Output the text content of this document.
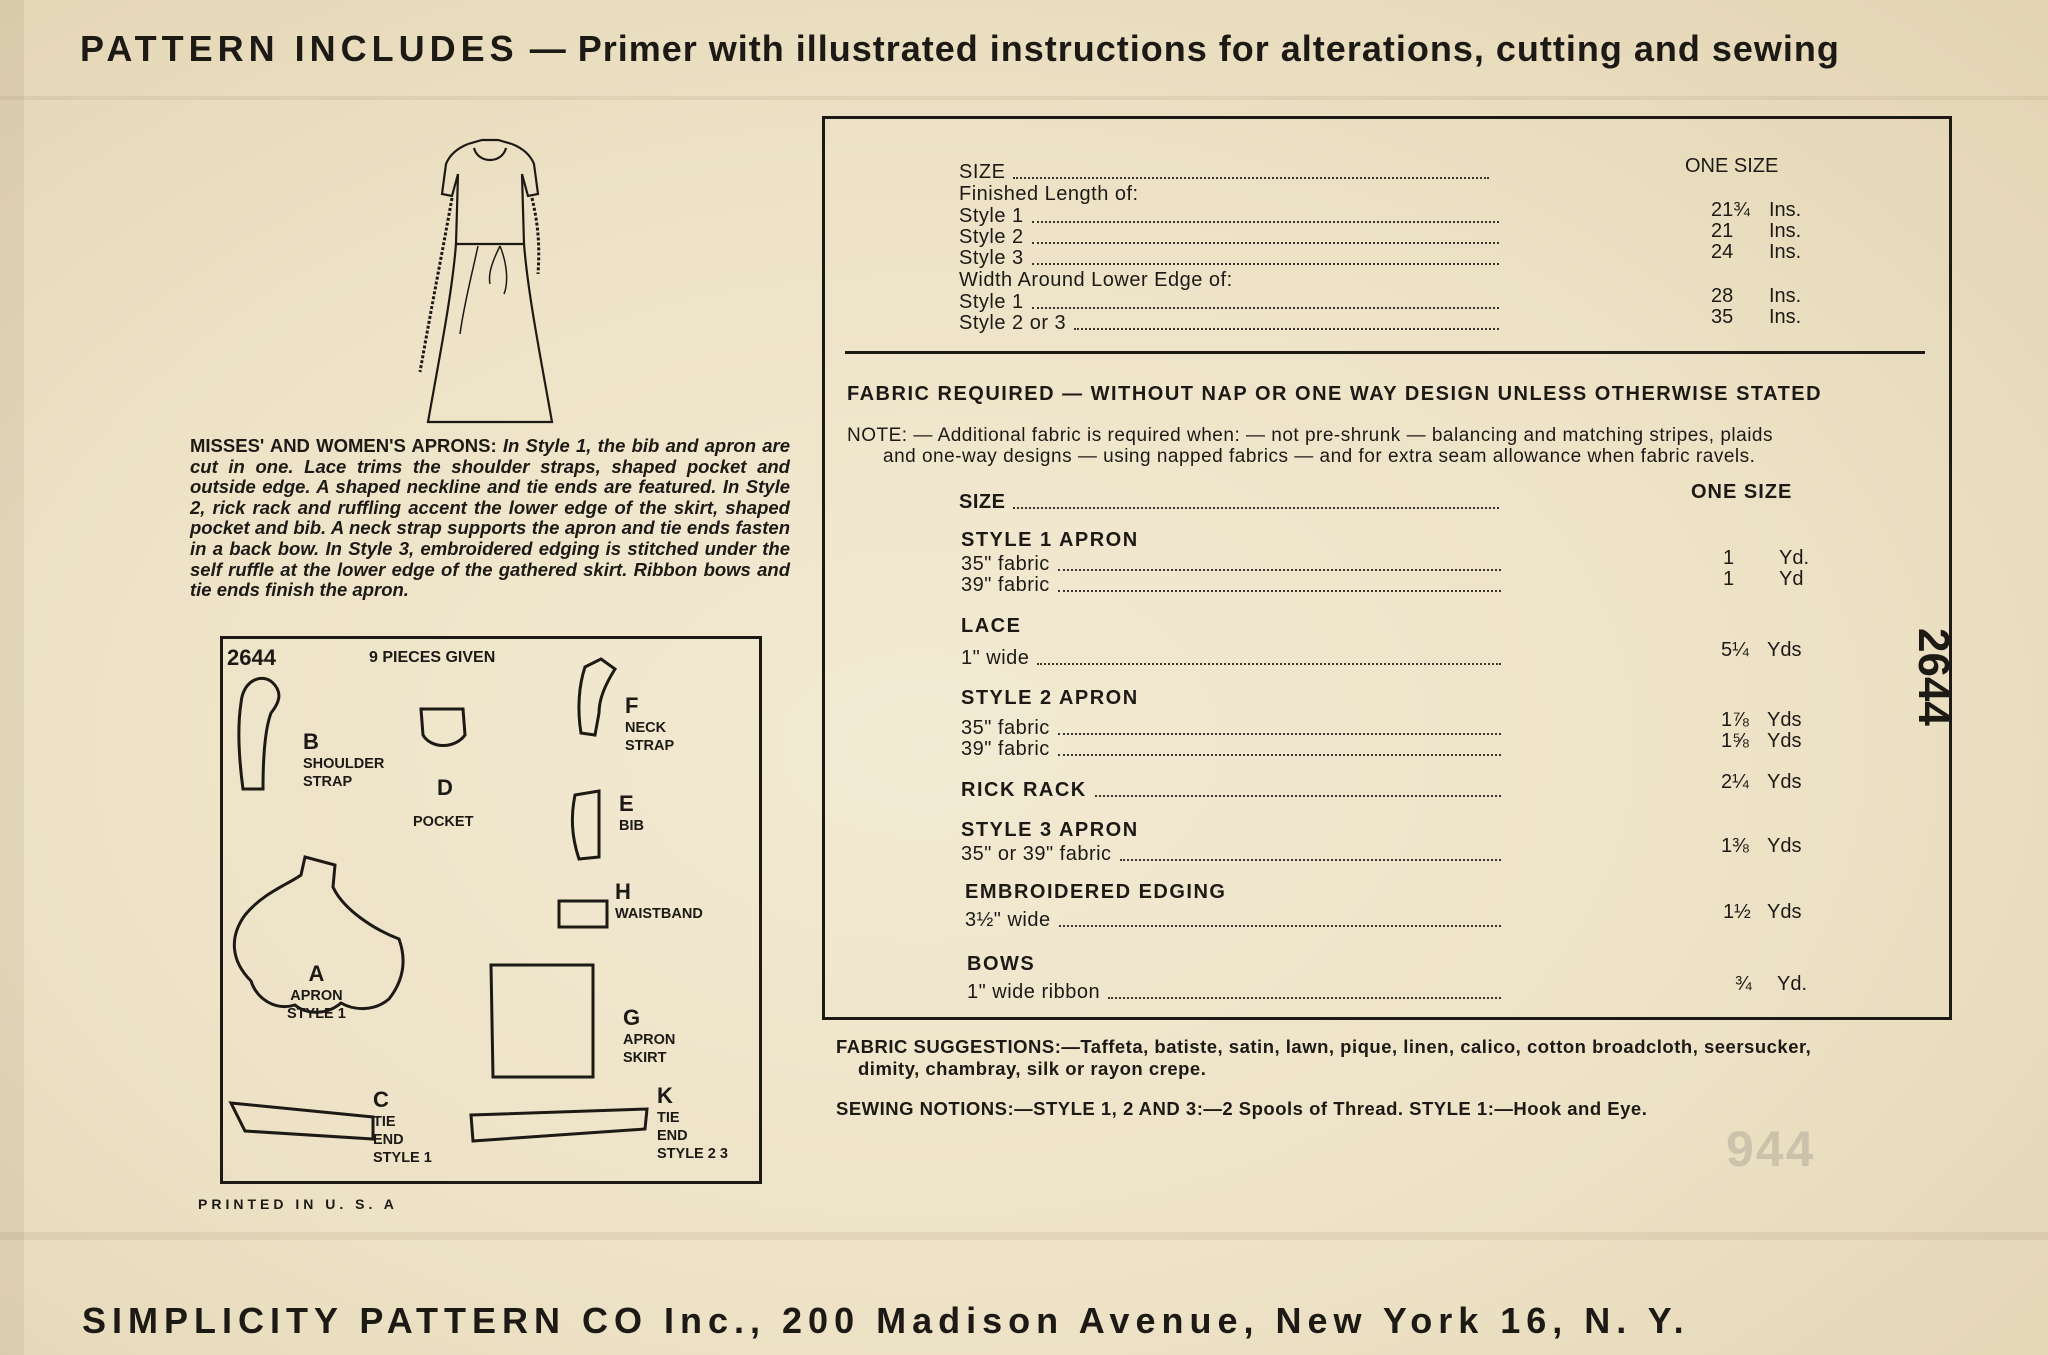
PATTERN INCLUDES — Primer with illustrated instructions for alterations, cutting and sewing
MISSES' AND WOMEN'S APRONS: In Style 1, the bib and apron are cut in one. Lace trims the shoulder straps, shaped pocket and outside edge. A shaped neckline and tie ends are featured. In Style 2, rick rack and ruffling accent the lower edge of the skirt, shaped pocket and bib. A neck strap supports the apron and tie ends fasten in a back bow. In Style 3, embroidered edging is stitched under the self ruffle at the lower edge of the gathered skirt. Ribbon bows and tie ends finish the apron.
2644	9 PIECES GIVEN
B
SHOULDER
STRAP	D
POCKET
F
NECK
STRAP
E
BIB
H
WAISTBAND
A
APRON
STYLE 1	G
APRON
SKIRT
C
TIE
END
STYLE 1
K
TIE
END
STYLE 2 3
PRINTED IN U. S. A
SIZE	ONE SIZE
Finished Length of:
Style 1	21¾ Ins.
Style 2	21 Ins.
Style 3	24 Ins.
Width Around Lower Edge of:
Style 1	28 Ins.
Style 2 or 3	35 Ins.
FABRIC REQUIRED — WITHOUT NAP OR ONE WAY DESIGN UNLESS OTHERWISE STATED
NOTE: — Additional fabric is required when: — not pre-shrunk — balancing and matching stripes, plaids
and one-way designs — using napped fabrics — and for extra seam allowance when fabric ravels.
SIZE	ONE SIZE
STYLE 1 APRON
35" fabric	1 Yd.
39" fabric	1 Yd
LACE
1" wide	5¼ Yds
STYLE 2 APRON
35" fabric	1⅞ Yds
39" fabric	1⅝ Yds
RICK RACK	2¼ Yds
STYLE 3 APRON
35" or 39" fabric	1⅜ Yds
EMBROIDERED EDGING
3½" wide	1½ Yds
BOWS
1" wide ribbon	¾ Yd.
FABRIC SUGGESTIONS:—Taffeta, batiste, satin, lawn, pique, linen, calico, cotton broadcloth, seersucker,
dimity, chambray, silk or rayon crepe.
SEWING NOTIONS:—STYLE 1, 2 AND 3:—2 Spools of Thread. STYLE 1:—Hook and Eye.
2644
944
SIMPLICITY PATTERN CO Inc., 200 Madison Avenue, New York 16, N. Y.
